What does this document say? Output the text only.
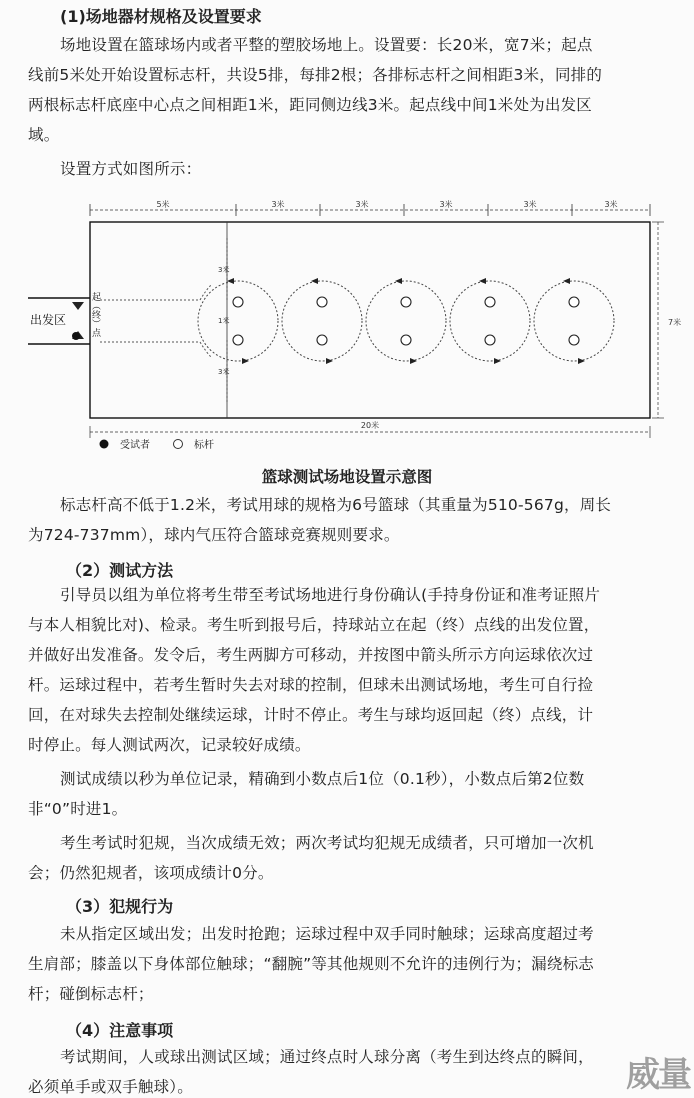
(1)场地器材规格及设置要求
场地设置在篮球场内或者平整的塑胶场地上。设置要：长20米，宽7米；起点
线前5米处开始设置标志杆，共设5排，每排2根；各排标志杆之间相距3米，同排的
两根标志杆底座中心点之间相距1米，距同侧边线3米。起点线中间1米处为出发区
域。
设置方式如图所示：
5米	3米	3米	3米	3米	3米
出发区	起（终）点
3米
1米
3米
7米
20米
受试者	标杆
篮球测试场地设置示意图
标志杆高不低于1.2米，考试用球的规格为6号篮球（其重量为510-567g，周长
为724-737mm），球内气压符合篮球竞赛规则要求。
（2）测试方法
引导员以组为单位将考生带至考试场地进行身份确认(手持身份证和准考证照片
与本人相貌比对)、检录。考生听到报号后，持球站立在起（终）点线的出发位置，
并做好出发准备。发令后，考生两脚方可移动，并按图中箭头所示方向运球依次过
杆。运球过程中，若考生暂时失去对球的控制，但球未出测试场地，考生可自行捡
回，在对球失去控制处继续运球，计时不停止。考生与球均返回起（终）点线，计
时停止。每人测试两次，记录较好成绩。
测试成绩以秒为单位记录，精确到小数点后1位（0.1秒），小数点后第2位数
非“0”时进1。
考生考试时犯规，当次成绩无效；两次考试均犯规无成绩者，只可增加一次机
会；仍然犯规者，该项成绩计0分。
（3）犯规行为
未从指定区域出发；出发时抢跑；运球过程中双手同时触球；运球高度超过考
生肩部；膝盖以下身体部位触球；“翻腕”等其他规则不允许的违例行为；漏绕标志
杆；碰倒标志杆；
（4）注意事项
考试期间，人或球出测试区域；通过终点时人球分离（考生到达终点的瞬间，
必须单手或双手触球）。	威量
